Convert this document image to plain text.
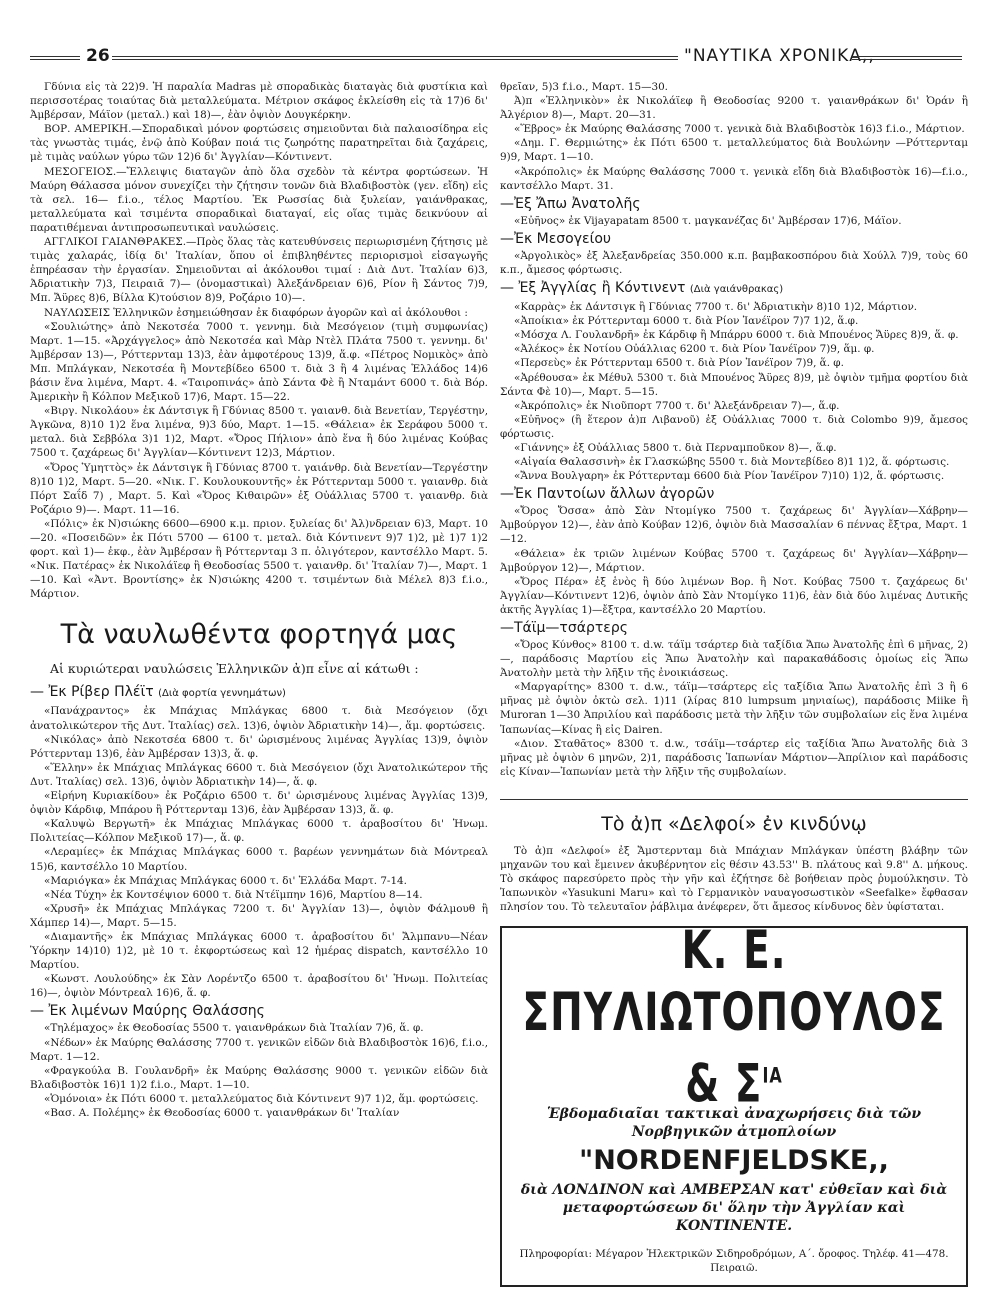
26	"ΝΑΥΤΙΚΑ ΧΡΟΝΙΚΑ,,

Γδύνια εἰς τὰ 22)9. Ἡ παραλία Madras μὲ σποραδικὰς διαταγὰς διὰ φυστίκια καὶ περισσοτέρας τοιαύτας διὰ μεταλλεύματα. Μέτριον σκάφος ἐκλείσθη εἰς τὰ 17)6 δι' Ἀμβέρσαν, Μάϊον (μεταλ.) καὶ 18)—, ἐὰν ὀψιὸν Δουγκέρκην.

ΒΟΡ. ΑΜΕΡΙΚΗ.—Σποραδικαὶ μόνον φορτώσεις σημειοῦνται διὰ παλαιοσίδηρα εἰς τὰς γνωστὰς τιμάς, ἐνῷ ἀπὸ Κούβαν ποιά τις ζωηρότης παρατηρεῖται διὰ ζαχάρεις, μὲ τιμὰς ναύλων γύρω τῶν 12)6 δι' Ἀγγλίαν—Κόντινεντ.

ΜΕΣΟΓΕΙΟΣ.—Ἔλλειψις διαταγῶν ἀπὸ ὅλα σχεδὸν τὰ κέντρα φορτώσεων. Ἡ Μαύρη Θάλασσα μόνον συνεχίζει τὴν ζήτησιν τονῶν διὰ Βλαδιβοστὸκ (γεν. εἴδη) εἰς τὰ σελ. 16— f.i.o., τέλος Μαρτίου. Ἐκ Ρωσσίας διὰ ξυλείαν, γαιάνθρακας, μεταλλεύματα καὶ τσιμέντα σποραδικαὶ διαταγαί, εἰς οἵας τιμὰς δεικνύουν αἱ παρατιθέμεναι ἀντιπροσωπευτικαὶ ναυλώσεις.

ΑΓΓΛΙΚΟΙ ΓΑΙΑΝΘΡΑΚΕΣ.—Πρὸς ὅλας τὰς κατευθύνσεις περιωρισμένη ζήτησις μὲ τιμὰς χαλαράς, ἰδίᾳ δι' Ἰταλίαν, ὅπου οἱ ἐπιβληθέντες περιορισμοὶ εἰσαγωγῆς ἐπηρέασαν τὴν ἐργασίαν. Σημειοῦνται αἱ ἀκόλουθοι τιμαί : Διὰ Δυτ. Ἰταλίαν 6)3, Ἀδριατικὴν 7)3, Πειραιᾶ 7)— (ὀνομαστικαὶ) Ἀλεξάνδρειαν 6)6, Ρίον ἢ Σάντος 7)9, Μπ. Ἄϋρες 8)6, Βίλλα Κ)τούσιον 8)9, Ροζάριο 10)—.

ΝΑΥΛΩΣΕΙΣ Ἑλληνικῶν ἐσημειώθησαν ἐκ διαφόρων ἀγορῶν καὶ αἱ ἀκόλουθοι :

«Σουλιώτης» ἀπὸ Νεκοτσέα 7000 τ. γεννημ. διὰ Μεσόγειον (τιμὴ συμφωνίας) Μαρτ. 1—15. «Ἀρχάγγελος» ἀπὸ Νεκοτσέα καὶ Μὰρ Ντὲλ Πλάτα 7500 τ. γεννημ. δι' Ἀμβέρσαν 13)—, Ρόττερνταμ 13)3, ἐὰν ἀμφοτέρους 13)9, ἅ.φ. «Πέτρος Νομικὸς» ἀπὸ Μπ. Μπλάγκαν, Νεκοτσέα ἢ Μοντεβίδεο 6500 τ. διὰ 3 ἢ 4 λιμένας Ἑλλάδος 14)6 βάσιν ἕνα λιμένα, Μαρτ. 4. «Ταιροπινάς» ἀπὸ Σάντα Φὲ ἢ Νταμάντ 6000 τ. διὰ Βόρ. Ἀμερικὴν ἢ Κόλπον Μεξικοῦ 17)6, Μαρτ. 15—22.

«Βιργ. Νικολάου» ἐκ Δάντσιγκ ἢ Γδύνιας 8500 τ. γαιανθ. διὰ Βενετίαν, Τεργέστην, Ἀγκῶνα, 8)10 1)2 ἕνα λιμένα, 9)3 δύο, Μαρτ. 1—15. «Θάλεια» ἐκ Σεράφου 5000 τ. μεταλ. διὰ Σεββόλα 3)1 1)2, Μαρτ. «Ὄρος Πήλιον» ἀπὸ ἕνα ἢ δύο λιμένας Κούβας 7500 τ. ζαχάρεως δι' Ἀγγλίαν—Κόντινεντ 12)3, Μάρτιον.

«Ὄρος Ὑμηττὸς» ἐκ Δάντσιγκ ἢ Γδύνιας 8700 τ. γαιάνθρ. διὰ Βενετίαν—Τεργέστην 8)10 1)2, Μαρτ. 5—20. «Νικ. Γ. Κουλουκουντῆς» ἐκ Ρόττερνταμ 5000 τ. γαιανθρ. διὰ Πόρτ Σαΐδ 7) , Μαρτ. 5. Καὶ «Ὄρος Κιθαιρῶν» ἐξ Οὐάλλιας 5700 τ. γαιανθρ. διὰ Ροζάριο 9)—. Μαρτ. 11—16.

«Πόλις» ἐκ Ν)σιώκης 6600—6900 κ.μ. πριον. ξυλείας δι' Ἀλ)νδρειαν 6)3, Μαρτ. 10—20. «Ποσειδῶν» ἐκ Πότι 5700 — 6100 τ. μεταλ. διὰ Κόντινεντ 9)7 1)2, μὲ 1)7 1)2 φορτ. καὶ 1)— ἐκφ., ἐὰν Ἀμβέρσαν ἢ Ρόττερνταμ 3 π. ὀλιγότερον, καντσέλλο Μαρτ. 5. «Νικ. Πατέρας» ἐκ Νικολάϊεφ ἢ Θεοδοσίας 5500 τ. γαιανθρ. δι' Ἰταλίαν 7)—, Μαρτ. 1—10. Καὶ «Ἀντ. Βροντίσης» ἐκ Ν)σιώκης 4200 τ. τσιμέντων διὰ Μέλελ 8)3 f.i.o., Μάρτιον.

Τὰ ναυλωθέντα φορτηγά μας

Αἱ κυριώτεραι ναυλώσεις Ἑλληνικῶν ἀ)π εἶνε αἱ κάτωθι :

— Ἐκ Ρίβερ Πλέϊτ (Διὰ φορτία γεννημάτων)

«Πανάχραντος» ἐκ Μπάχιας Μπλάγκας 6800 τ. διὰ Μεσόγειον (ὄχι ἀνατολικώτερον τῆς Δυτ. Ἰταλίας) σελ. 13)6, ὀψιὸν Ἀδριατικὴν 14)—, ἅμ. φορτώσεις.

«Νικόλας» ἀπὸ Νεκοτσέα 6800 τ. δι' ὡρισμένους λιμένας Ἀγγλίας 13)9, ὀψιὸν Ρόττερνταμ 13)6, ἐὰν Ἀμβέρσαν 13)3, ἅ. φ.

«Ἕλλην» ἐκ Μπάχιας Μπλάγκας 6600 τ. διὰ Μεσόγειον (ὄχι Ἀνατολικώτερον τῆς Δυτ. Ἰταλίας) σελ. 13)6, ὀψιὸν Ἀδριατικὴν 14)—, ἅ. φ.

«Εἰρήνη Κυριακίδου» ἐκ Ροζάριο 6500 τ. δι' ὡρισμένους λιμένας Ἀγγλίας 13)9, ὀψιὸν Κάρδιφ, Μπάρου ἢ Ρόττερνταμ 13)6, ἐὰν Ἀμβέρσαν 13)3, ἅ. φ.

«Καλυψὼ Βεργωτῆ» ἐκ Μπάχιας Μπλάγκας 6000 τ. ἀραβοσίτου δι' Ἡνωμ. Πολιτείας—Κόλπον Μεξικοῦ 17)—, ἅ. φ.

«Λεραμίες» ἐκ Μπάχιας Μπλάγκας 6000 τ. βαρέων γεννημάτων διὰ Μόντρεαλ 15)6, καντσέλλο 10 Μαρτίου.

«Μαριόγκα» ἐκ Μπάχιας Μπλάγκας 6000 τ. δι' Ἑλλάδα Μαρτ. 7-14.

«Νέα Τύχη» ἐκ Κοντσέψιον 6000 τ. διὰ Ντέϊμπην 16)6, Μαρτίου 8—14.

«Χρυσῆ» ἐκ Μπάχιας Μπλάγκας 7200 τ. δι' Ἀγγλίαν 13)—, ὀψιὸν Φάλμουθ ἢ Χάμπερ 14)—, Μαρτ. 5—15.

«Διαμαντῆς» ἐκ Μπάχιας Μπλάγκας 6000 τ. ἀραβοσίτου δι' Ἄλμπανυ—Νέαν Ὑόρκην 14)10) 1)2, μὲ 10 τ. ἐκφορτώσεως καὶ 12 ἡμέρας dispatch, καντσέλλο 10 Μαρτίου.

«Κωνστ. Λουλούδης» ἐκ Σὰν Λορέντζο 6500 τ. ἀραβοσίτου δι' Ἡνωμ. Πολιτείας 16)—, ὀψιὸν Μόντρεαλ 16)6, ἅ. φ.

— Ἐκ λιμένων Μαύρης Θαλάσσης

«Τηλέμαχος» ἐκ Θεοδοσίας 5500 τ. γαιανθράκων διὰ Ἰταλίαν 7)6, ἅ. φ.

«Νέδων» ἐκ Μαύρης Θαλάσσης 7700 τ. γενικῶν εἰδῶν διὰ Βλαδιβοστὸκ 16)6, f.i.o., Μαρτ. 1—12.

«Φραγκούλα Β. Γουλανδρῆ» ἐκ Μαύρης Θαλάσσης 9000 τ. γενικῶν εἰδῶν διὰ Βλαδιβοστὸκ 16)1 1)2 f.i.o., Μαρτ. 1—10.

«Ὁμόνοια» ἐκ Πότι 6000 τ. μεταλλεύματος διὰ Κόντινεντ 9)7 1)2, ἅμ. φορτώσεις.

«Βασ. Α. Πολέμης» ἐκ Θεοδοσίας 6000 τ. γαιανθράκων δι' Ἰταλίαν

θρεῖαν, 5)3 f.i.o., Μαρτ. 15—30.

Ἀ)π «Ἑλληνικὸν» ἐκ Νικολάϊεφ ἢ Θεοδοσίας 9200 τ. γαιανθράκων δι' Ὀράν ἢ Ἀλγέριον 8)—, Μαρτ. 20—31.

«Ἕβρος» ἐκ Μαύρης Θαλάσσης 7000 τ. γενικὰ διὰ Βλαδιβοστὸκ 16)3 f.i.o., Μάρτιον.

«Δημ. Γ. Θερμιώτης» ἐκ Πότι 6500 τ. μεταλλεύματος διὰ Βουλώνην —Ρόττερνταμ 9)9, Μαρτ. 1—10.

«Ἀκρόπολις» ἐκ Μαύρης Θαλάσσης 7000 τ. γενικὰ εἴδη διὰ Βλαδιβοστὸκ 16)—f.i.o., καντσέλλο Μαρτ. 31.

—Ἐξ Ἄπω Ἀνατολῆς

«Εὐῆνος» ἐκ Vijayapatam 8500 τ. μαγκανέζας δι' Ἀμβέρσαν 17)6, Μάϊον.

—Ἐκ Μεσογείου

«Ἀργολικὸς» ἐξ Ἀλεξανδρείας 350.000 κ.π. βαμβακοσπόρου διὰ Χούλλ 7)9, τοὺς 60 κ.π., ἄμεσος φόρτωσις.

— Ἐξ Ἀγγλίας ἢ Κόντινεντ (Διὰ γαιάνθρακας)

«Καρρὰς» ἐκ Δάντσιγκ ἢ Γδύνιας 7700 τ. δι' Ἀδριατικὴν 8)10 1)2, Μάρτιον.

«Ἀποίκια» ἐκ Ρόττερνταμ 6000 τ. διὰ Ρίον Ἰανέϊρον 7)7 1)2, ἅ.φ.

«Μόσχα Λ. Γουλανδρῆ» ἐκ Κάρδιφ ἢ Μπάρρυ 6000 τ. διὰ Μπουένος Ἄϋρες 8)9, ἅ. φ.

«Ἀλέκος» ἐκ Νοτίου Οὐάλλιας 6200 τ. διὰ Ρίον Ἰανέϊρον 7)9, ἅμ. φ.

«Περσεὺς» ἐκ Ρόττερνταμ 6500 τ. διὰ Ρίον Ἰανέϊρον 7)9, ἅ. φ.

«Ἀρέθουσα» ἐκ Μέθυλ 5300 τ. διὰ Μπουένος Ἄϋρες 8)9, μὲ ὀψιὸν τμῆμα φορτίου διὰ Σάντα Φὲ 10)—, Μαρτ. 5—15.

«Ἀκρόπολις» ἐκ Νιοῦπορτ 7700 τ. δι' Ἀλεξάνδρειαν 7)—, ἅ.φ.

«Εὐῆνος» (ἢ ἕτερον ἀ)π Λιβανοῦ) ἐξ Οὐάλλιας 7000 τ. διὰ Colombo 9)9, ἄμεσος φόρτωσις.

«Γιάννης» ἐξ Οὐάλλιας 5800 τ. διὰ Περναμποῦκον 8)—, ἅ.φ.

«Αἰγαία Θαλασσινὴ» ἐκ Γλασκώβης 5500 τ. διὰ Μοντεβίδεο 8)1 1)2, ἅ. φόρτωσις.

«Ἄννα Βουλγαρη» ἐκ Ρόττερνταμ 6600 διὰ Ρίον Ἰανέϊρον 7)10) 1)2, ἅ. φόρτωσις.

—Ἐκ Παντοίων ἄλλων ἀγορῶν

«Ὄρος Ὄσσα» ἀπὸ Σὰν Ντομίγκο 7500 τ. ζαχάρεως δι' Ἀγγλίαν—Χάβρην—Ἀμβούργον 12)—, ἐὰν ἀπὸ Κούβαν 12)6, ὀψιὸν διὰ Μασσαλίαν 6 πέννας ἔξτρα, Μαρτ. 1—12.

«Θάλεια» ἐκ τριῶν λιμένων Κούβας 5700 τ. ζαχάρεως δι' Ἀγγλίαν—Χάβρην—Ἀμβούργον 12)—, Μάρτιον.

«Ὄρος Πέρα» ἐξ ἑνὸς ἢ δύο λιμένων Βορ. ἢ Νοτ. Κούβας 7500 τ. ζαχάρεως δι' Ἀγγλίαν—Κόντινεντ 12)6, ὀψιὸν ἀπὸ Σὰν Ντομίγκο 11)6, ἐὰν διὰ δύο λιμένας Δυτικῆς ἀκτῆς Ἀγγλίας 1)—ἔξτρα, καντσέλλο 20 Μαρτίου.

—Τάϊμ—τσάρτερς

«Ὄρος Κύνθος» 8100 τ. d.w. τάϊμ τσάρτερ διὰ ταξίδια Ἄπω Ἀνατολῆς ἐπὶ 6 μῆνας, 2)—, παράδοσις Μαρτίου εἰς Ἄπω Ἀνατολὴν καὶ παρακαθάδοσις ὁμοίως εἰς Ἄπω Ἀνατολὴν μετὰ τὴν λῆξιν τῆς ἐνοικιάσεως.

«Μαργαρίτης» 8300 τ. d.w., τάϊμ—τσάρτερς εἰς ταξίδια Ἄπω Ἀνατολῆς ἐπὶ 3 ἢ 6 μῆνας μὲ ὀψιὸν ὀκτὼ σελ. 1)11 (λίρας 810 lumpsum μηνιαίως), παράδοσις Miike ἢ Muroran 1—30 Ἀπριλίου καὶ παράδοσις μετὰ τὴν λῆξιν τῶν συμβολαίων εἰς ἕνα λιμένα Ἰαπωνίας—Κίνας ἢ εἰς Dairen.

«Διον. Σταθᾶτος» 8300 τ. d.w., τσάϊμ—τσάρτερ εἰς ταξίδια Ἄπω Ἀνατολῆς διὰ 3 μῆνας μὲ ὀψιὸν 6 μηνῶν, 2)1, παράδοσις Ἰαπωνίαν Μάρτιον—Ἀπρίλιον καὶ παράδοσις εἰς Κίναν—Ἰαπωνίαν μετὰ τὴν λῆξιν τῆς συμβολαίων.

Τὸ ἀ)π «Δελφοί» ἐν κινδύνῳ

Τὸ ἀ)π «Δελφοί» ἐξ Ἄμστερνταμ διὰ Μπάχιαν Μπλάγκαν ὑπέστη βλάβην τῶν μηχανῶν του καὶ ἔμεινεν ἀκυβέρνητον εἰς θέσιν 43.53'' Β. πλάτους καὶ 9.8'' Δ. μήκους. Τὸ σκάφος παρεσύρετο πρὸς τὴν γῆν καὶ ἐζήτησε δὲ βοήθειαν πρὸς ῥυμούλκησιν. Τὸ Ἰαπωνικὸν «Yasukuni Maru» καὶ τὸ Γερμανικὸν ναυαγοσωστικὸν «Seefalke» ἔφθασαν πλησίον του. Τὸ τελευταῖον ῥάβλιμα ἀνέφερεν, ὅτι ἄμεσος κίνδυνος δὲν ὑφίσταται.

Κ. Ε. ΣΠΥΛΙΩΤΟΠΟΥΛΟΣ & $\Sigma^{IA}$
Ἑβδομαδιαῖαι τακτικαὶ ἀναχωρήσεις διὰ τῶν Νορβηγικῶν ἀτμοπλοίων
"NORDENFJELDSKE,,
διὰ ΛΟΝΔΙΝΟΝ καὶ ΑΜΒΕΡΣΑΝ κατ' εὐθεῖαν καὶ διὰ μεταφορτώσεων δι' ὅλην τὴν Ἀγγλίαν καὶ ΚΟΝΤΙΝΕΝΤΕ.
Πληροφορίαι: Μέγαρον Ἠλεκτρικῶν Σιδηροδρόμων, Α΄. ὄροφος. Τηλέφ. 41—478. Πειραιῶ.
